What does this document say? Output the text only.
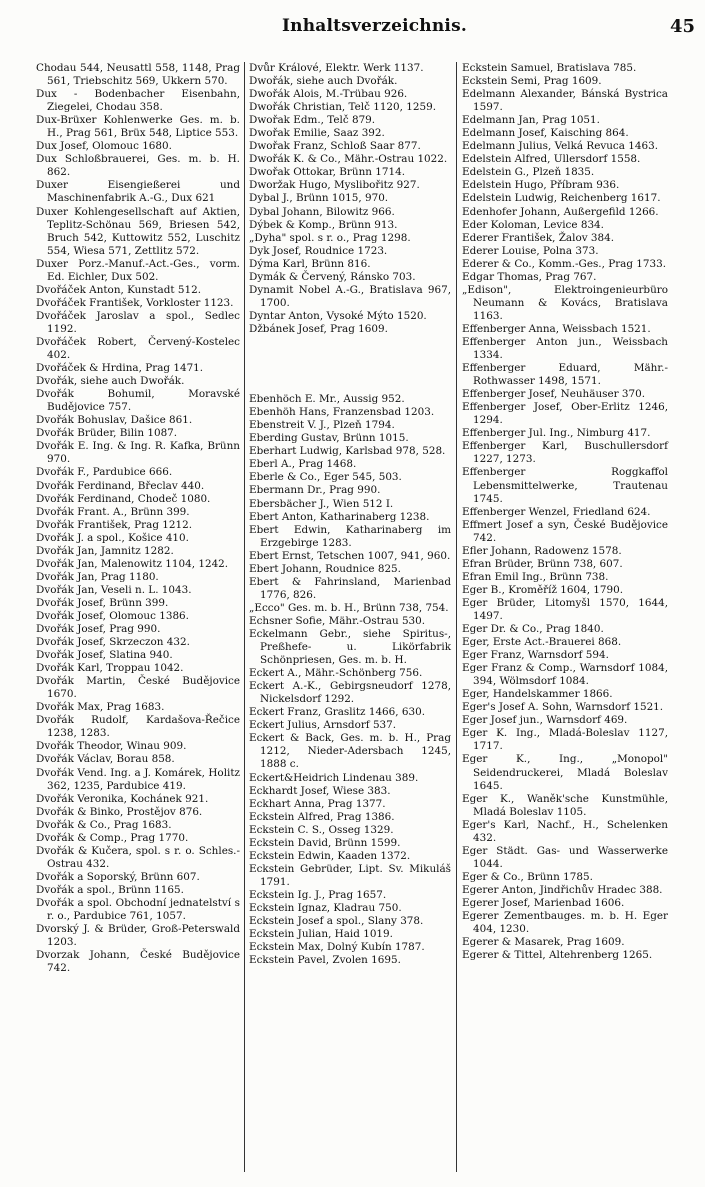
Inhaltsverzeichnis.	45

Chodau 544, Neusattl 558, 1148, Prag 561, Triebschitz 569, Ukkern 570.

Dux - Bodenbacher Eisenbahn, Ziegelei, Chodau 358.

Dux-Brüxer Kohlenwerke Ges. m. b. H., Prag 561, Brüx 548, Liptice 553.

Dux Josef, Olomouc 1680.

Dux Schloßbrauerei, Ges. m. b. H. 862.

Duxer Eisengießerei und Maschinenfabrik A.-G., Dux 621

Duxer Kohlengesellschaft auf Aktien, Teplitz-Schönau 569, Briesen 542, Bruch 542, Kuttowitz 552, Luschitz 554, Wiesa 571, Zettlitz 572.

Duxer Porz.-Manuf.-Act.-Ges., vorm. Ed. Eichler, Dux 502.

Dvořáček Anton, Kunstadt 512.

Dvořáček František, Vorkloster 1123.

Dvořáček Jaroslav a spol., Sedlec 1192.

Dvořáček Robert, Červený-Kostelec 402.

Dvořáček & Hrdina, Prag 1471.

Dvořák, siehe auch Dwořák.

Dvořák Bohumil, Moravské Budějovice 757.

Dvořák Bohuslav, Dašice 861.

Dvořák Brüder, Bilin 1087.

Dvořák E. Ing. & Ing. R. Kafka, Brünn 970.

Dvořák F., Pardubice 666.

Dvořák Ferdinand, Břeclav 440.

Dvořák Ferdinand, Chodeč 1080.

Dvořák Frant. A., Brünn 399.

Dvořák František, Prag 1212.

Dvořák J. a spol., Košice 410.

Dvořák Jan, Jamnitz 1282.

Dvořák Jan, Malenowitz 1104, 1242.

Dvořák Jan, Prag 1180.

Dvořák Jan, Veseli n. L. 1043.

Dvořák Josef, Brünn 399.

Dvořák Josef, Olomouc 1386.

Dvořák Josef, Prag 990.

Dvořák Josef, Skrzeczon 432.

Dvořák Josef, Slatina 940.

Dvořák Karl, Troppau 1042.

Dvořák Martin, České Budějovice 1670.

Dvořák Max, Prag 1683.

Dvořák Rudolf, Kardašova-Řečice 1238, 1283.

Dvořák Theodor, Winau 909.

Dvořák Václav, Borau 858.

Dvořák Vend. Ing. a J. Komárek, Holitz 362, 1235, Pardubice 419.

Dvořák Veronika, Kochánek 921.

Dvořák & Binko, Prostějov 876.

Dvořák & Co., Prag 1683.

Dvořák & Comp., Prag 1770.

Dvořák & Kučera, spol. s r. o. Schles.-Ostrau 432.

Dvořák a Soporský, Brünn 607.

Dvořák a spol., Brünn 1165.

Dvořák a spol. Obchodní jednatelství s r. o., Pardubice 761, 1057.

Dvorský J. & Brüder, Groß-Peterswald 1203.

Dvorzak Johann, České Budějovice 742.

Dvůr Králové, Elektr. Werk 1137.

Dwořák, siehe auch Dvořák.

Dwořák Alois, M.-Trübau 926.

Dwořák Christian, Telč 1120, 1259.

Dwořak Edm., Telč 879.

Dwořak Emilie, Saaz 392.

Dwořak Franz, Schloß Saar 877.

Dwořák K. & Co., Mähr.-Ostrau 1022.

Dwořak Ottokar, Brünn 1714.

Dworžak Hugo, Myslibořitz 927.

Dybal J., Brünn 1015, 970.

Dybal Johann, Bilowitz 966.

Dýbek & Komp., Brünn 913.

„Dyha" spol. s r. o., Prag 1298.

Dyk Josef, Roudnice 1723.

Dýma Karl, Brünn 816.

Dymák & Červený, Ránsko 703.

Dynamit Nobel A.-G., Bratislava 967, 1700.

Dyntar Anton, Vysoké Mýto 1520.

Džbánek Josef, Prag 1609.

Ebenhöch E. Mr., Aussig 952.

Ebenhöh Hans, Franzensbad 1203.

Ebenstreit V. J., Plzeň 1794.

Eberding Gustav, Brünn 1015.

Eberhart Ludwig, Karlsbad 978, 528.

Eberl A., Prag 1468.

Eberle & Co., Eger 545, 503.

Ebermann Dr., Prag 990.

Ebersbächer J., Wien 512 I.

Ebert Anton, Katharinaberg 1238.

Ebert Edwin, Katharinaberg im Erzgebirge 1283.

Ebert Ernst, Tetschen 1007, 941, 960.

Ebert Johann, Roudnice 825.

Ebert & Fahrinsland, Marienbad 1776, 826.

„Ecco" Ges. m. b. H., Brünn 738, 754.

Echsner Sofie, Mähr.-Ostrau 530.

Eckelmann Gebr., siehe Spiritus-, Preßhefe- u. Likörfabrik Schönpriesen, Ges. m. b. H.

Eckert A., Mähr.-Schönberg 756.

Eckert A.-K., Gebirgsneudorf 1278, Nickelsdorf 1292.

Eckert Franz, Graslitz 1466, 630.

Eckert Julius, Arnsdorf 537.

Eckert & Back, Ges. m. b. H., Prag 1212, Nieder-Adersbach 1245, 1888 c.

Eckert&Heidrich Lindenau 389.

Eckhardt Josef, Wiese 383.

Eckhart Anna, Prag 1377.

Eckstein Alfred, Prag 1386.

Eckstein C. S., Osseg 1329.

Eckstein David, Brünn 1599.

Eckstein Edwin, Kaaden 1372.

Eckstein Gebrüder, Lipt. Sv. Mikuláš 1791.

Eckstein Ig. J., Prag 1657.

Eckstein Ignaz, Kladrau 750.

Eckstein Josef a spol., Slany 378.

Eckstein Julian, Haid 1019.

Eckstein Max, Dolný Kubín 1787.

Eckstein Pavel, Zvolen 1695.

Eckstein Samuel, Bratislava 785.

Eckstein Semi, Prag 1609.

Edelmann Alexander, Bánská Bystrica 1597.

Edelmann Jan, Prag 1051.

Edelmann Josef, Kaisching 864.

Edelmann Julius, Velká Revuca 1463.

Edelstein Alfred, Ullersdorf 1558.

Edelstein G., Plzeň 1835.

Edelstein Hugo, Příbram 936.

Edelstein Ludwig, Reichenberg 1617.

Edenhofer Johann, Außergefild 1266.

Eder Koloman, Levice 834.

Ederer František, Žalov 384.

Ederer Louise, Polna 373.

Ederer & Co., Komm.-Ges., Prag 1733.

Edgar Thomas, Prag 767.

„Edison", Elektroingenieurbüro Neumann & Kovács, Bratislava 1163.

Effenberger Anna, Weissbach 1521.

Effenberger Anton jun., Weissbach 1334.

Effenberger Eduard, Mähr.-Rothwasser 1498, 1571.

Effenberger Josef, Neuhäuser 370.

Effenberger Josef, Ober-Erlitz 1246, 1294.

Effenberger Jul. Ing., Nimburg 417.

Effenberger Karl, Buschullersdorf 1227, 1273.

Effenberger Roggkaffol Lebensmittelwerke, Trautenau 1745.

Effenberger Wenzel, Friedland 624.

Effmert Josef a syn, České Budějovice 742.

Efler Johann, Radowenz 1578.

Efran Brüder, Brünn 738, 607.

Efran Emil Ing., Brünn 738.

Eger B., Kroměříž 1604, 1790.

Eger Brüder, Litomyšl 1570, 1644, 1497.

Eger Dr. & Co., Prag 1840.

Eger, Erste Act.-Brauerei 868.

Eger Franz, Warnsdorf 594.

Eger Franz & Comp., Warnsdorf 1084, 394, Wölmsdorf 1084.

Eger, Handelskammer 1866.

Eger's Josef A. Sohn, Warnsdorf 1521.

Eger Josef jun., Warnsdorf 469.

Eger K. Ing., Mladá-Boleslav 1127, 1717.

Eger K., Ing., „Monopol" Seidendruckerei, Mladá Boleslav 1645.

Eger K., Waněk'sche Kunstmühle, Mladá Boleslav 1105.

Eger's Karl, Nachf., H., Schelenken 432.

Eger Städt. Gas- und Wasserwerke 1044.

Eger & Co., Brünn 1785.

Egerer Anton, Jindřichův Hradec 388.

Egerer Josef, Marienbad 1606.

Egerer Zementbauges. m. b. H. Eger 404, 1230.

Egerer & Masarek, Prag 1609.

Egerer & Tittel, Altehrenberg 1265.
